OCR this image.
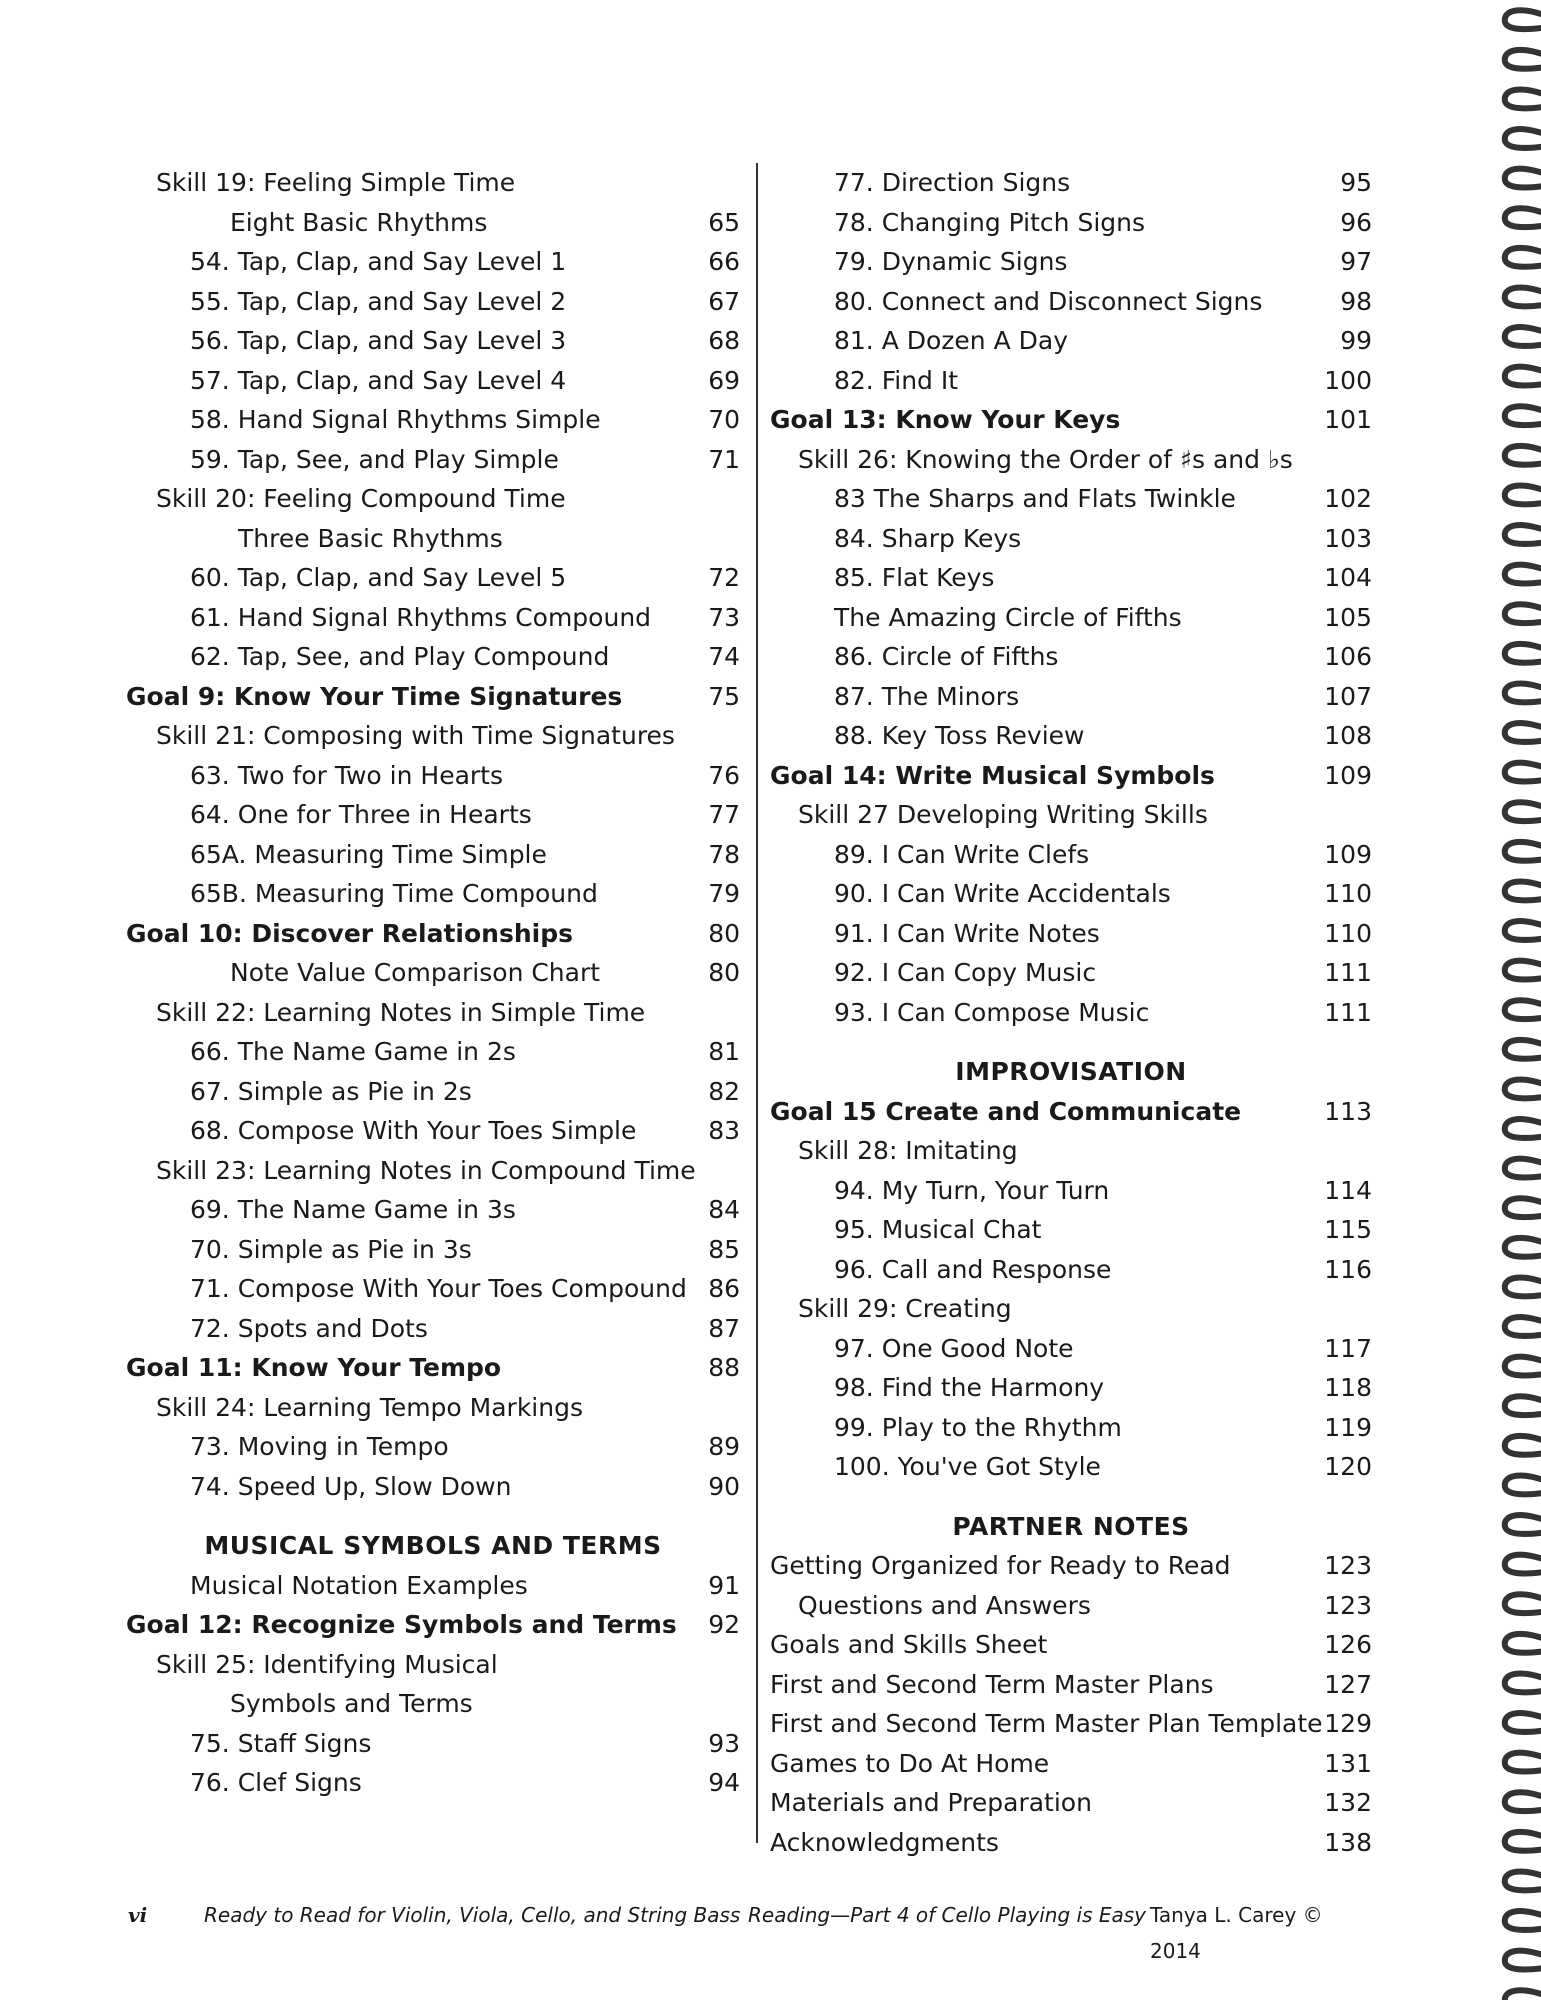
Skill 19: Feeling Simple Time
Eight Basic Rhythms	65
54. Tap, Clap, and Say Level 1	66
55. Tap, Clap, and Say Level 2	67
56. Tap, Clap, and Say Level 3	68
57. Tap, Clap, and Say Level 4	69
58. Hand Signal Rhythms Simple	70
59. Tap, See, and Play Simple	71
Skill 20: Feeling Compound Time
Three Basic Rhythms
60. Tap, Clap, and Say Level 5	72
61. Hand Signal Rhythms Compound 73
62. Tap, See, and Play Compound	74
Goal 9: Know Your Time Signatures	75
Skill 21: Composing with Time Signatures
63. Two for Two in Hearts	76
64. One for Three in Hearts	77
65A. Measuring Time Simple	78
65B. Measuring Time Compound	79
Goal 10: Discover Relationships	80
Note Value Comparison Chart	80
Skill 22: Learning Notes in Simple Time
66. The Name Game in 2s	81
67. Simple as Pie in 2s	82
68. Compose With Your Toes Simple	83
Skill 23: Learning Notes in Compound Time
69. The Name Game in 3s	84
70. Simple as Pie in 3s	85
71. Compose With Your Toes Compound 86
72. Spots and Dots	87
Goal 11: Know Your Tempo	88
Skill 24: Learning Tempo Markings
73. Moving in Tempo	89
74. Speed Up, Slow Down	90
MUSICAL SYMBOLS AND TERMS
Musical Notation Examples	91
Goal 12: Recognize Symbols and Terms 92
Skill 25: Identifying Musical
Symbols and Terms
75. Staff Signs	93
76. Clef Signs	94
77. Direction Signs	95
78. Changing Pitch Signs	96
79. Dynamic Signs	97
80. Connect and Disconnect Signs	98
81. A Dozen A Day	99
82. Find It	100
Goal 13: Know Your Keys	101
Skill 26: Knowing the Order of ♯s and ♭s
83 The Sharps and Flats Twinkle	102
84. Sharp Keys	103
85. Flat Keys	104
The Amazing Circle of Fifths	105
86. Circle of Fifths	106
87. The Minors	107
88. Key Toss Review	108
Goal 14: Write Musical Symbols	109
Skill 27 Developing Writing Skills
89. I Can Write Clefs	109
90. I Can Write Accidentals	110
91. I Can Write Notes	110
92. I Can Copy Music	111
93. I Can Compose Music	111
IMPROVISATION
Goal 15 Create and Communicate	113
Skill 28: Imitating
94. My Turn, Your Turn	114
95. Musical Chat	115
96. Call and Response	116
Skill 29: Creating
97. One Good Note	117
98. Find the Harmony	118
99. Play to the Rhythm	119
100. You've Got Style	120
PARTNER NOTES
Getting Organized for Ready to Read	123
Questions and Answers	123
Goals and Skills Sheet	126
First and Second Term Master Plans	127
First and Second Term Master Plan Template 129
Games to Do At Home	131
Materials and Preparation	132
Acknowledgments	138
vi	Ready to Read for Violin, Viola, Cello, and String Bass Reading—Part 4 of Cello Playing is Easy Tanya L. Carey © 2014
